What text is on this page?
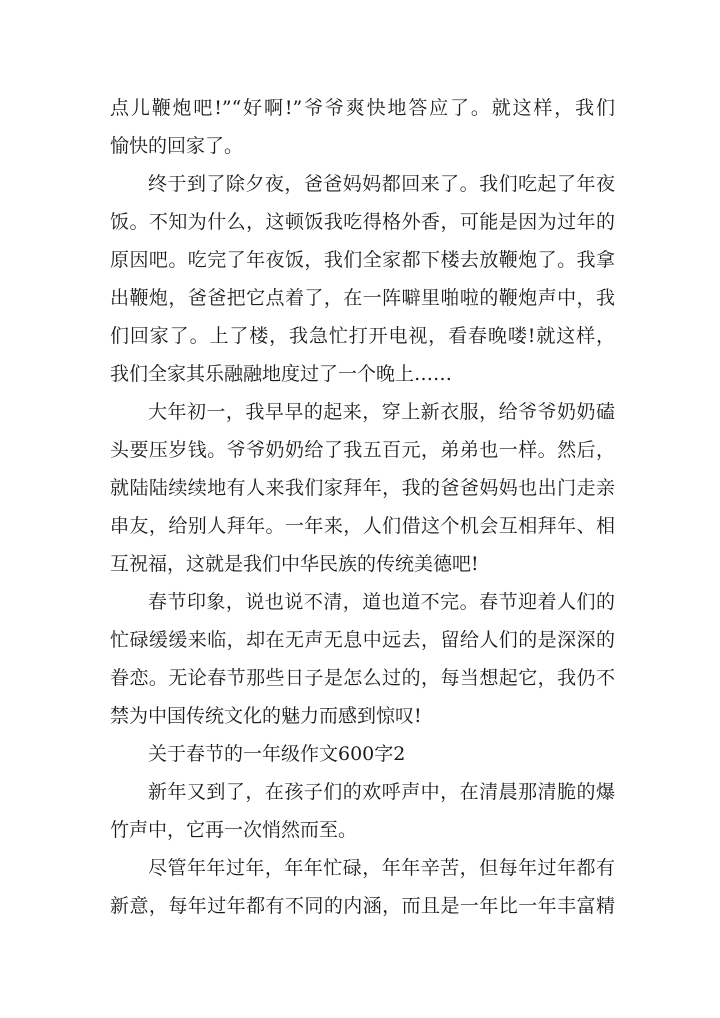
点儿鞭炮吧!”“好啊!”爷爷爽快地答应了。就这样，我们
愉快的回家了。
终于到了除夕夜，爸爸妈妈都回来了。我们吃起了年夜
饭。不知为什么，这顿饭我吃得格外香，可能是因为过年的
原因吧。吃完了年夜饭，我们全家都下楼去放鞭炮了。我拿
出鞭炮，爸爸把它点着了，在一阵噼里啪啦的鞭炮声中，我
们回家了。上了楼，我急忙打开电视，看春晚喽!就这样，
我们全家其乐融融地度过了一个晚上……
大年初一，我早早的起来，穿上新衣服，给爷爷奶奶磕
头要压岁钱。爷爷奶奶给了我五百元，弟弟也一样。然后，
就陆陆续续地有人来我们家拜年，我的爸爸妈妈也出门走亲
串友，给别人拜年。一年来，人们借这个机会互相拜年、相
互祝福，这就是我们中华民族的传统美德吧!
春节印象，说也说不清，道也道不完。春节迎着人们的
忙碌缓缓来临，却在无声无息中远去，留给人们的是深深的
眷恋。无论春节那些日子是怎么过的，每当想起它，我仍不
禁为中国传统文化的魅力而感到惊叹!
关于春节的一年级作文600字2
新年又到了，在孩子们的欢呼声中，在清晨那清脆的爆
竹声中，它再一次悄然而至。
尽管年年过年，年年忙碌，年年辛苦，但每年过年都有
新意，每年过年都有不同的内涵，而且是一年比一年丰富精
